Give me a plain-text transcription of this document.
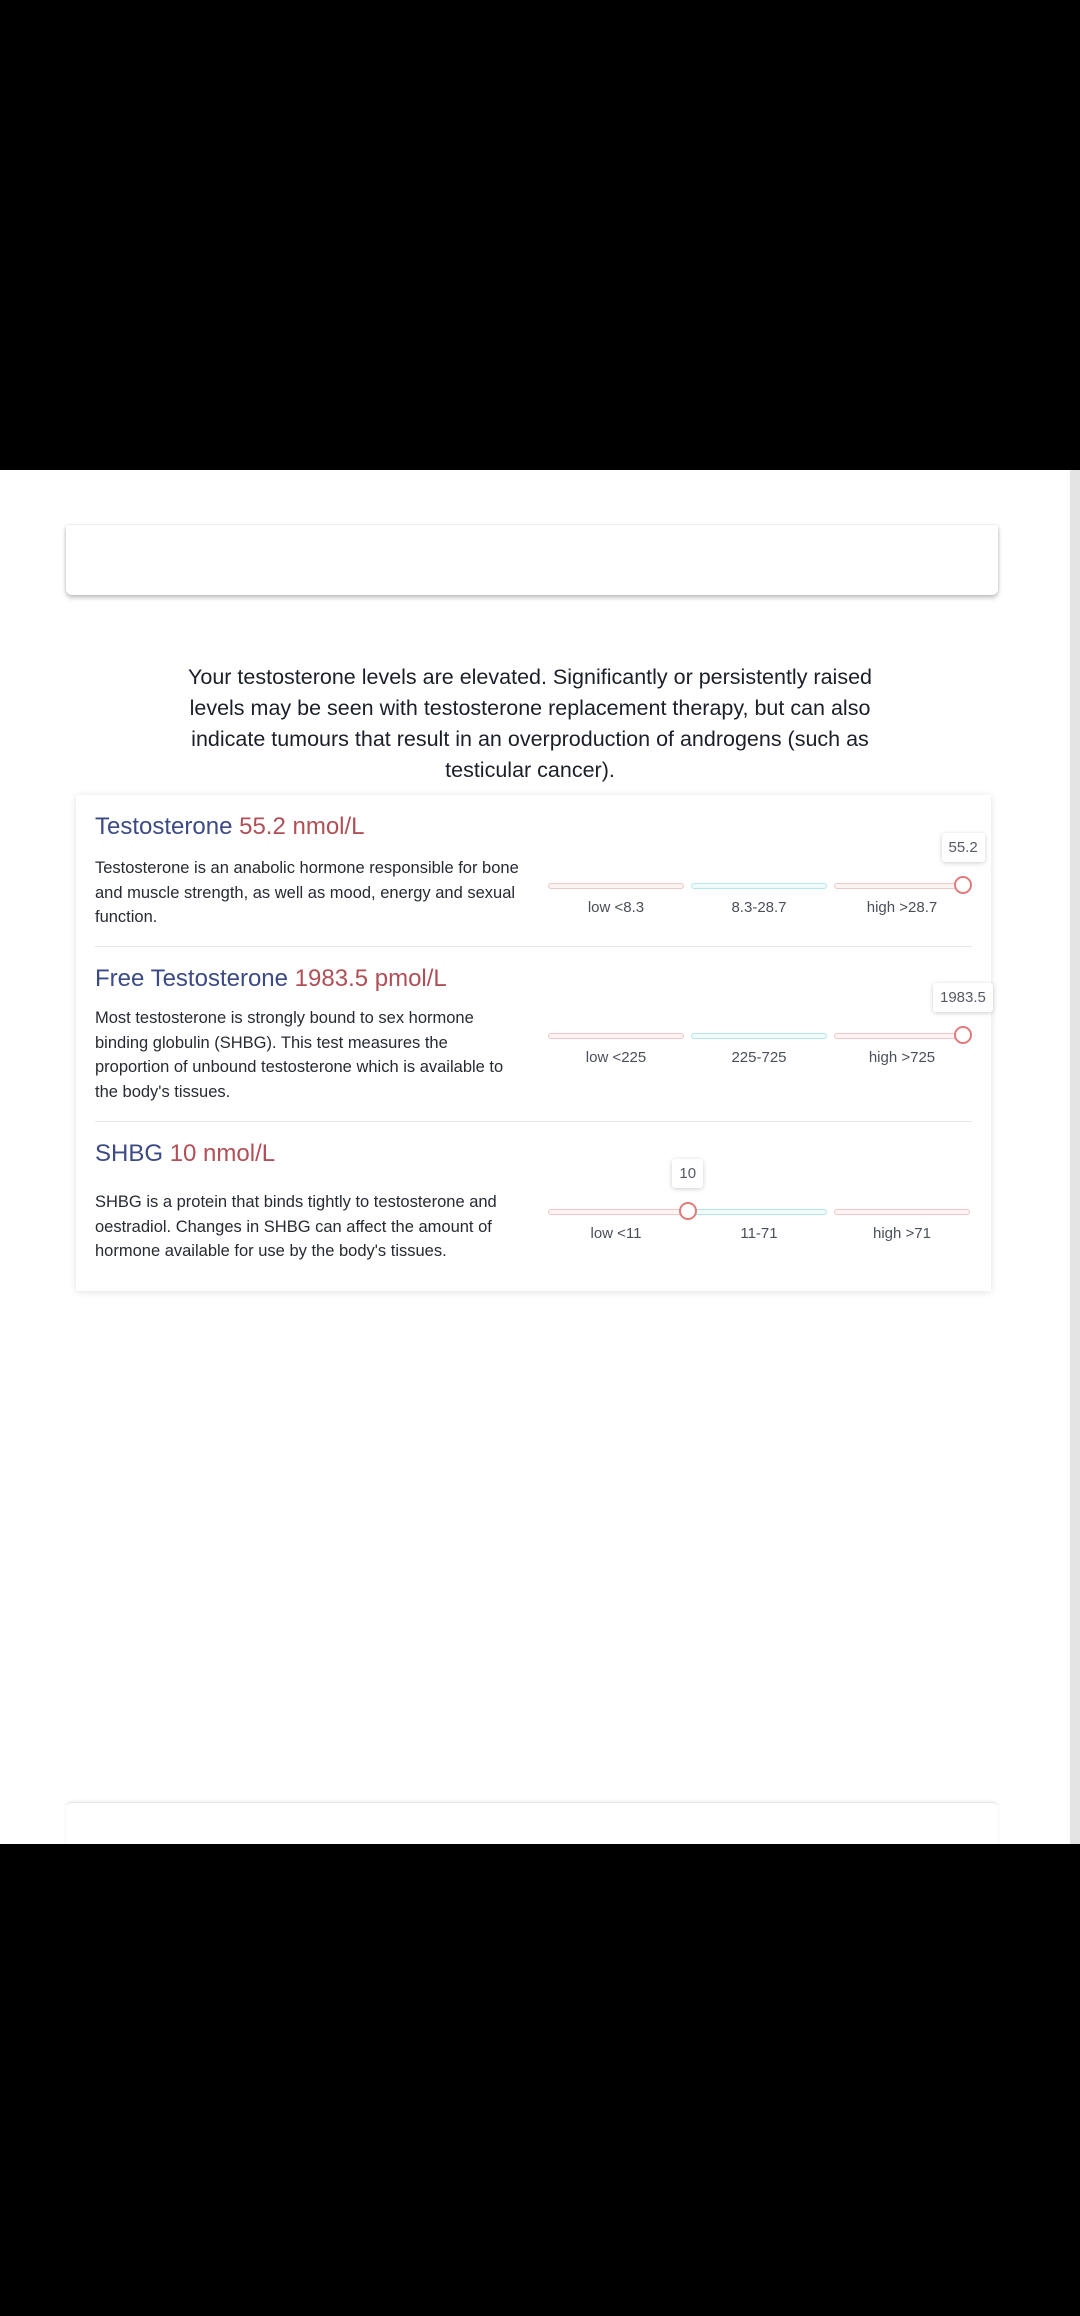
Your testosterone levels are elevated. Significantly or persistently raised levels may be seen with testosterone replacement therapy, but can also indicate tumours that result in an overproduction of androgens (such as testicular cancer).

Testosterone 55.2 nmol/L
Testosterone is an anabolic hormone responsible for bone and muscle strength, as well as mood, energy and sexual function.
low <8.3	8.3-28.7	high >28.7
55.2
Free Testosterone 1983.5 pmol/L
Most testosterone is strongly bound to sex hormone binding globulin (SHBG). This test measures the proportion of unbound testosterone which is available to the body's tissues.
low <225	225-725	high >725
1983.5
SHBG 10 nmol/L
SHBG is a protein that binds tightly to testosterone and oestradiol. Changes in SHBG can affect the amount of hormone available for use by the body's tissues.
low <11	11-71	high >71
10
